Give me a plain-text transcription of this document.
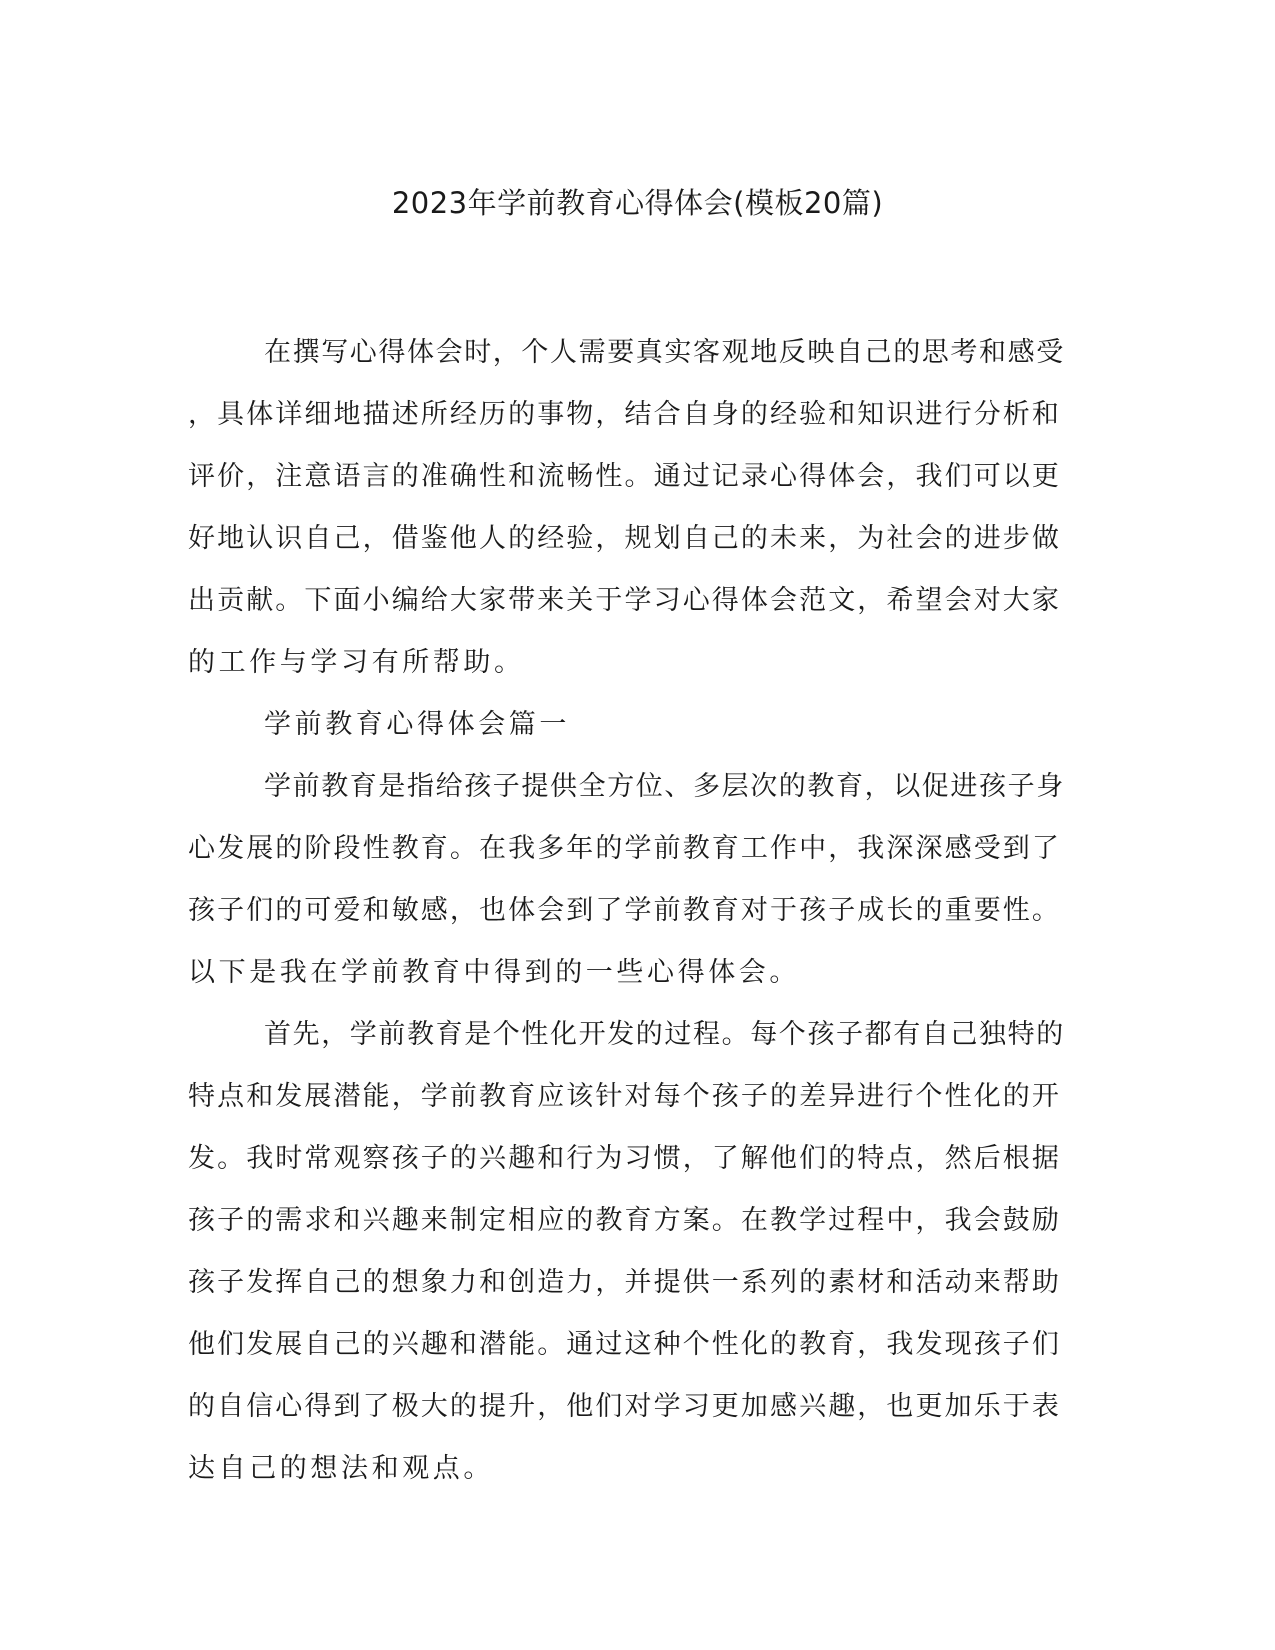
2023年学前教育心得体会(模板20篇)

在撰写心得体会时，个人需要真实客观地反映自己的思考和感受

，具体详细地描述所经历的事物，结合自身的经验和知识进行分析和

评价，注意语言的准确性和流畅性。通过记录心得体会，我们可以更

好地认识自己，借鉴他人的经验，规划自己的未来，为社会的进步做

出贡献。下面小编给大家带来关于学习心得体会范文，希望会对大家

的工作与学习有所帮助。

学前教育心得体会篇一

学前教育是指给孩子提供全方位、多层次的教育，以促进孩子身

心发展的阶段性教育。在我多年的学前教育工作中，我深深感受到了

孩子们的可爱和敏感，也体会到了学前教育对于孩子成长的重要性。

以下是我在学前教育中得到的一些心得体会。

首先，学前教育是个性化开发的过程。每个孩子都有自己独特的

特点和发展潜能，学前教育应该针对每个孩子的差异进行个性化的开

发。我时常观察孩子的兴趣和行为习惯，了解他们的特点，然后根据

孩子的需求和兴趣来制定相应的教育方案。在教学过程中，我会鼓励

孩子发挥自己的想象力和创造力，并提供一系列的素材和活动来帮助

他们发展自己的兴趣和潜能。通过这种个性化的教育，我发现孩子们

的自信心得到了极大的提升，他们对学习更加感兴趣，也更加乐于表

达自己的想法和观点。
